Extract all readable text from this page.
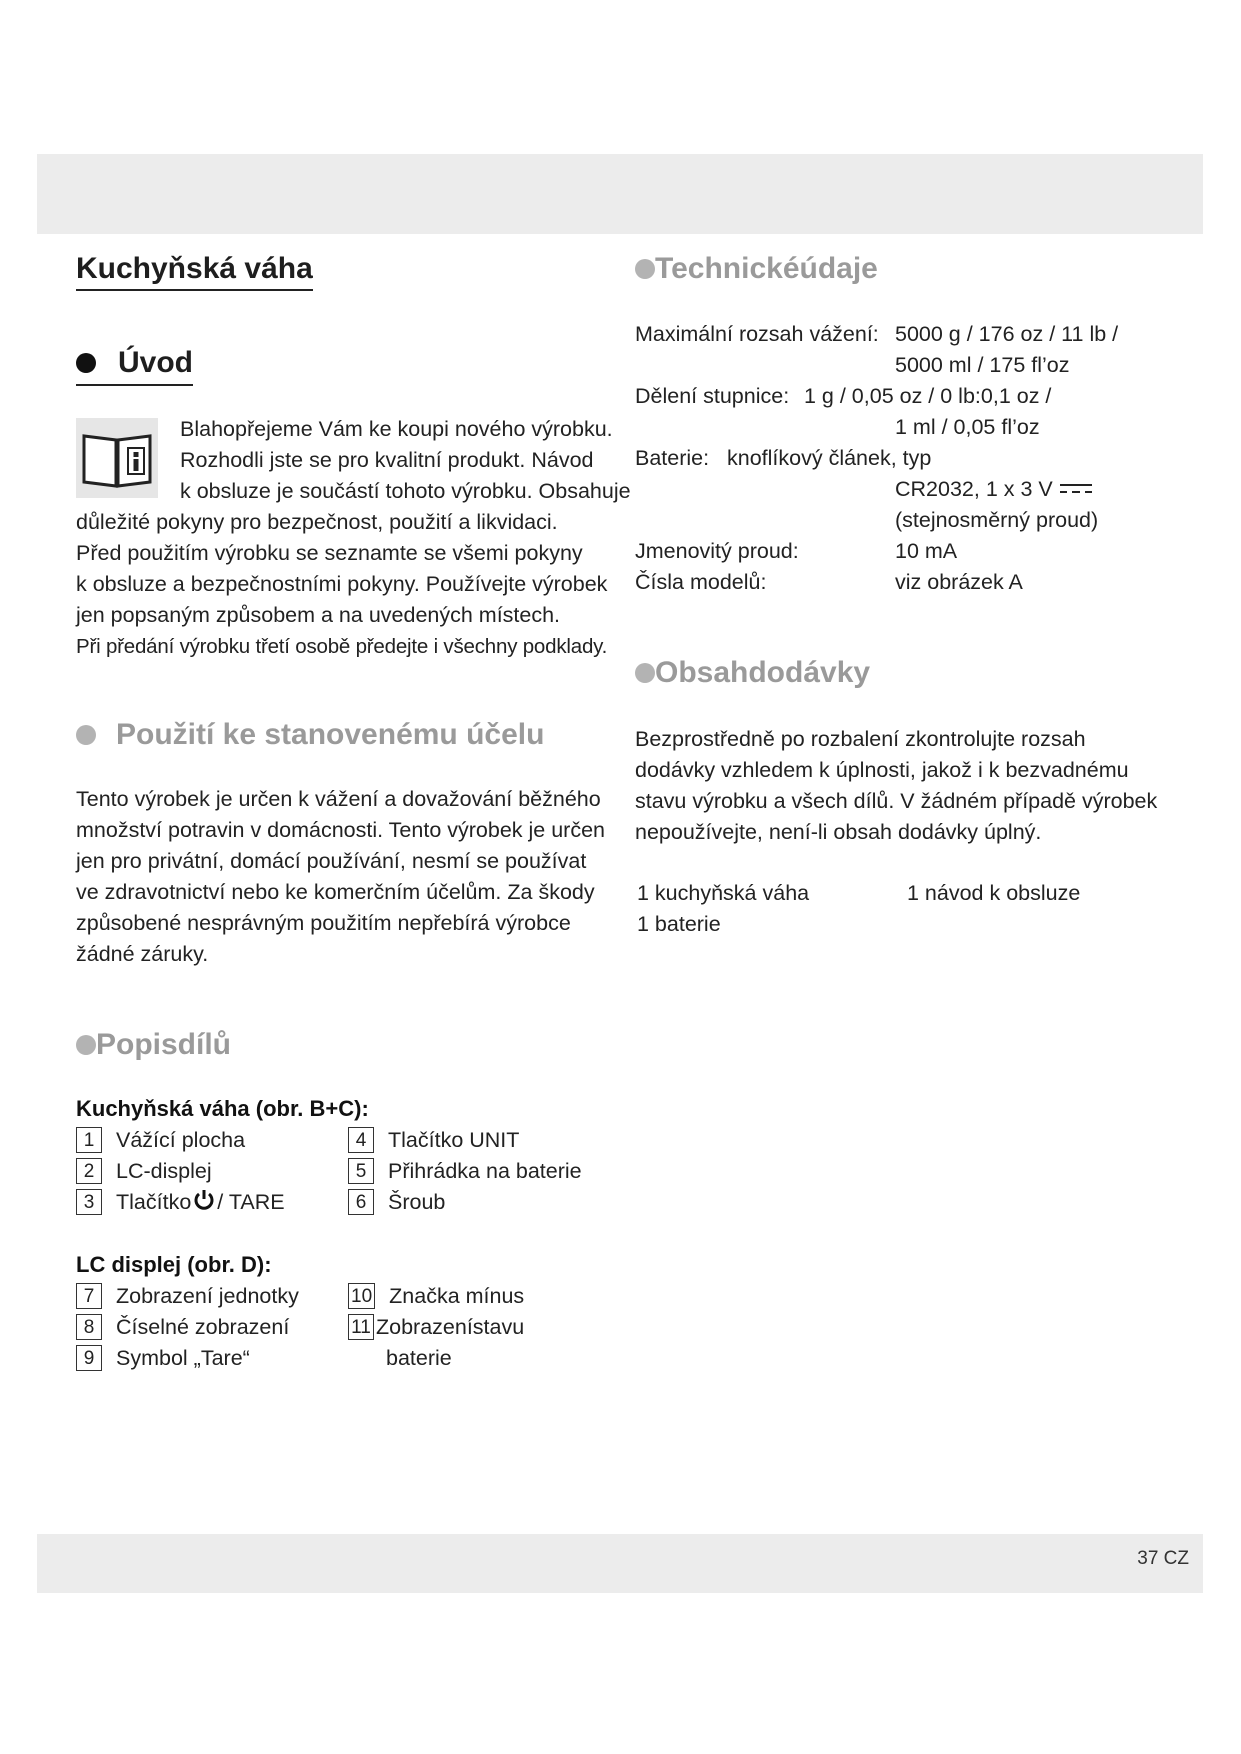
37 CZ
Kuchyňská váha
Úvod

Blahopřejeme Vám ke koupi nového výrobku.

Rozhodli jste se pro kvalitní produkt. Návod

k obsluze je součástí tohoto výrobku. Obsahuje

důležité pokyny pro bezpečnost, použití a likvidaci.

Před použitím výrobku se seznamte se všemi pokyny

k obsluze a bezpečnostními pokyny. Používejte výrobek

jen popsaným způsobem a na uvedených místech.

Při předání výrobku třetí osobě předejte i všechny podklady.

Použití ke stanovenému účelu

Tento výrobek je určen k vážení a dovažování běžného

množství potravin v domácnosti. Tento výrobek je určen

jen pro privátní, domácí používání, nesmí se používat

ve zdravotnictví nebo ke komerčním účelům. Za škody

způsobené nesprávným použitím nepřebírá výrobce

žádné záruky.

Popisdílů
Kuchyňská váha (obr. B+C):
1	Vážící plocha
2	LC-displej
3	Tlačítko / TARE
4	Tlačítko UNIT
5	Přihrádka na baterie
6	Šroub
LC displej (obr. D):
7	Zobrazení jednotky
8	Číselné zobrazení
9	Symbol „Tare“
10 Značka mínus
11 Zobrazenístavu
baterie
Technickéúdaje
Maximální rozsah vážení: 5000 g / 176 oz / 11 lb /
5000 ml / 175 fl’oz
Dělení stupnice: 1 g / 0,05 oz / 0 lb:0,1 oz /
1 ml / 0,05 fl’oz
Baterie: knoflíkový článek, typ
CR2032, 1 x 3 V
(stejnosměrný proud)
Jmenovitý proud:	10 mA
Čísla modelů:	viz obrázek A
Obsahdodávky

Bezprostředně po rozbalení zkontrolujte rozsah

dodávky vzhledem k úplnosti, jakož i k bezvadnému

stavu výrobku a všech dílů. V žádném případě výrobek

nepoužívejte, není-li obsah dodávky úplný.

1 kuchyňská váha	1 návod k obsluze
1 baterie
